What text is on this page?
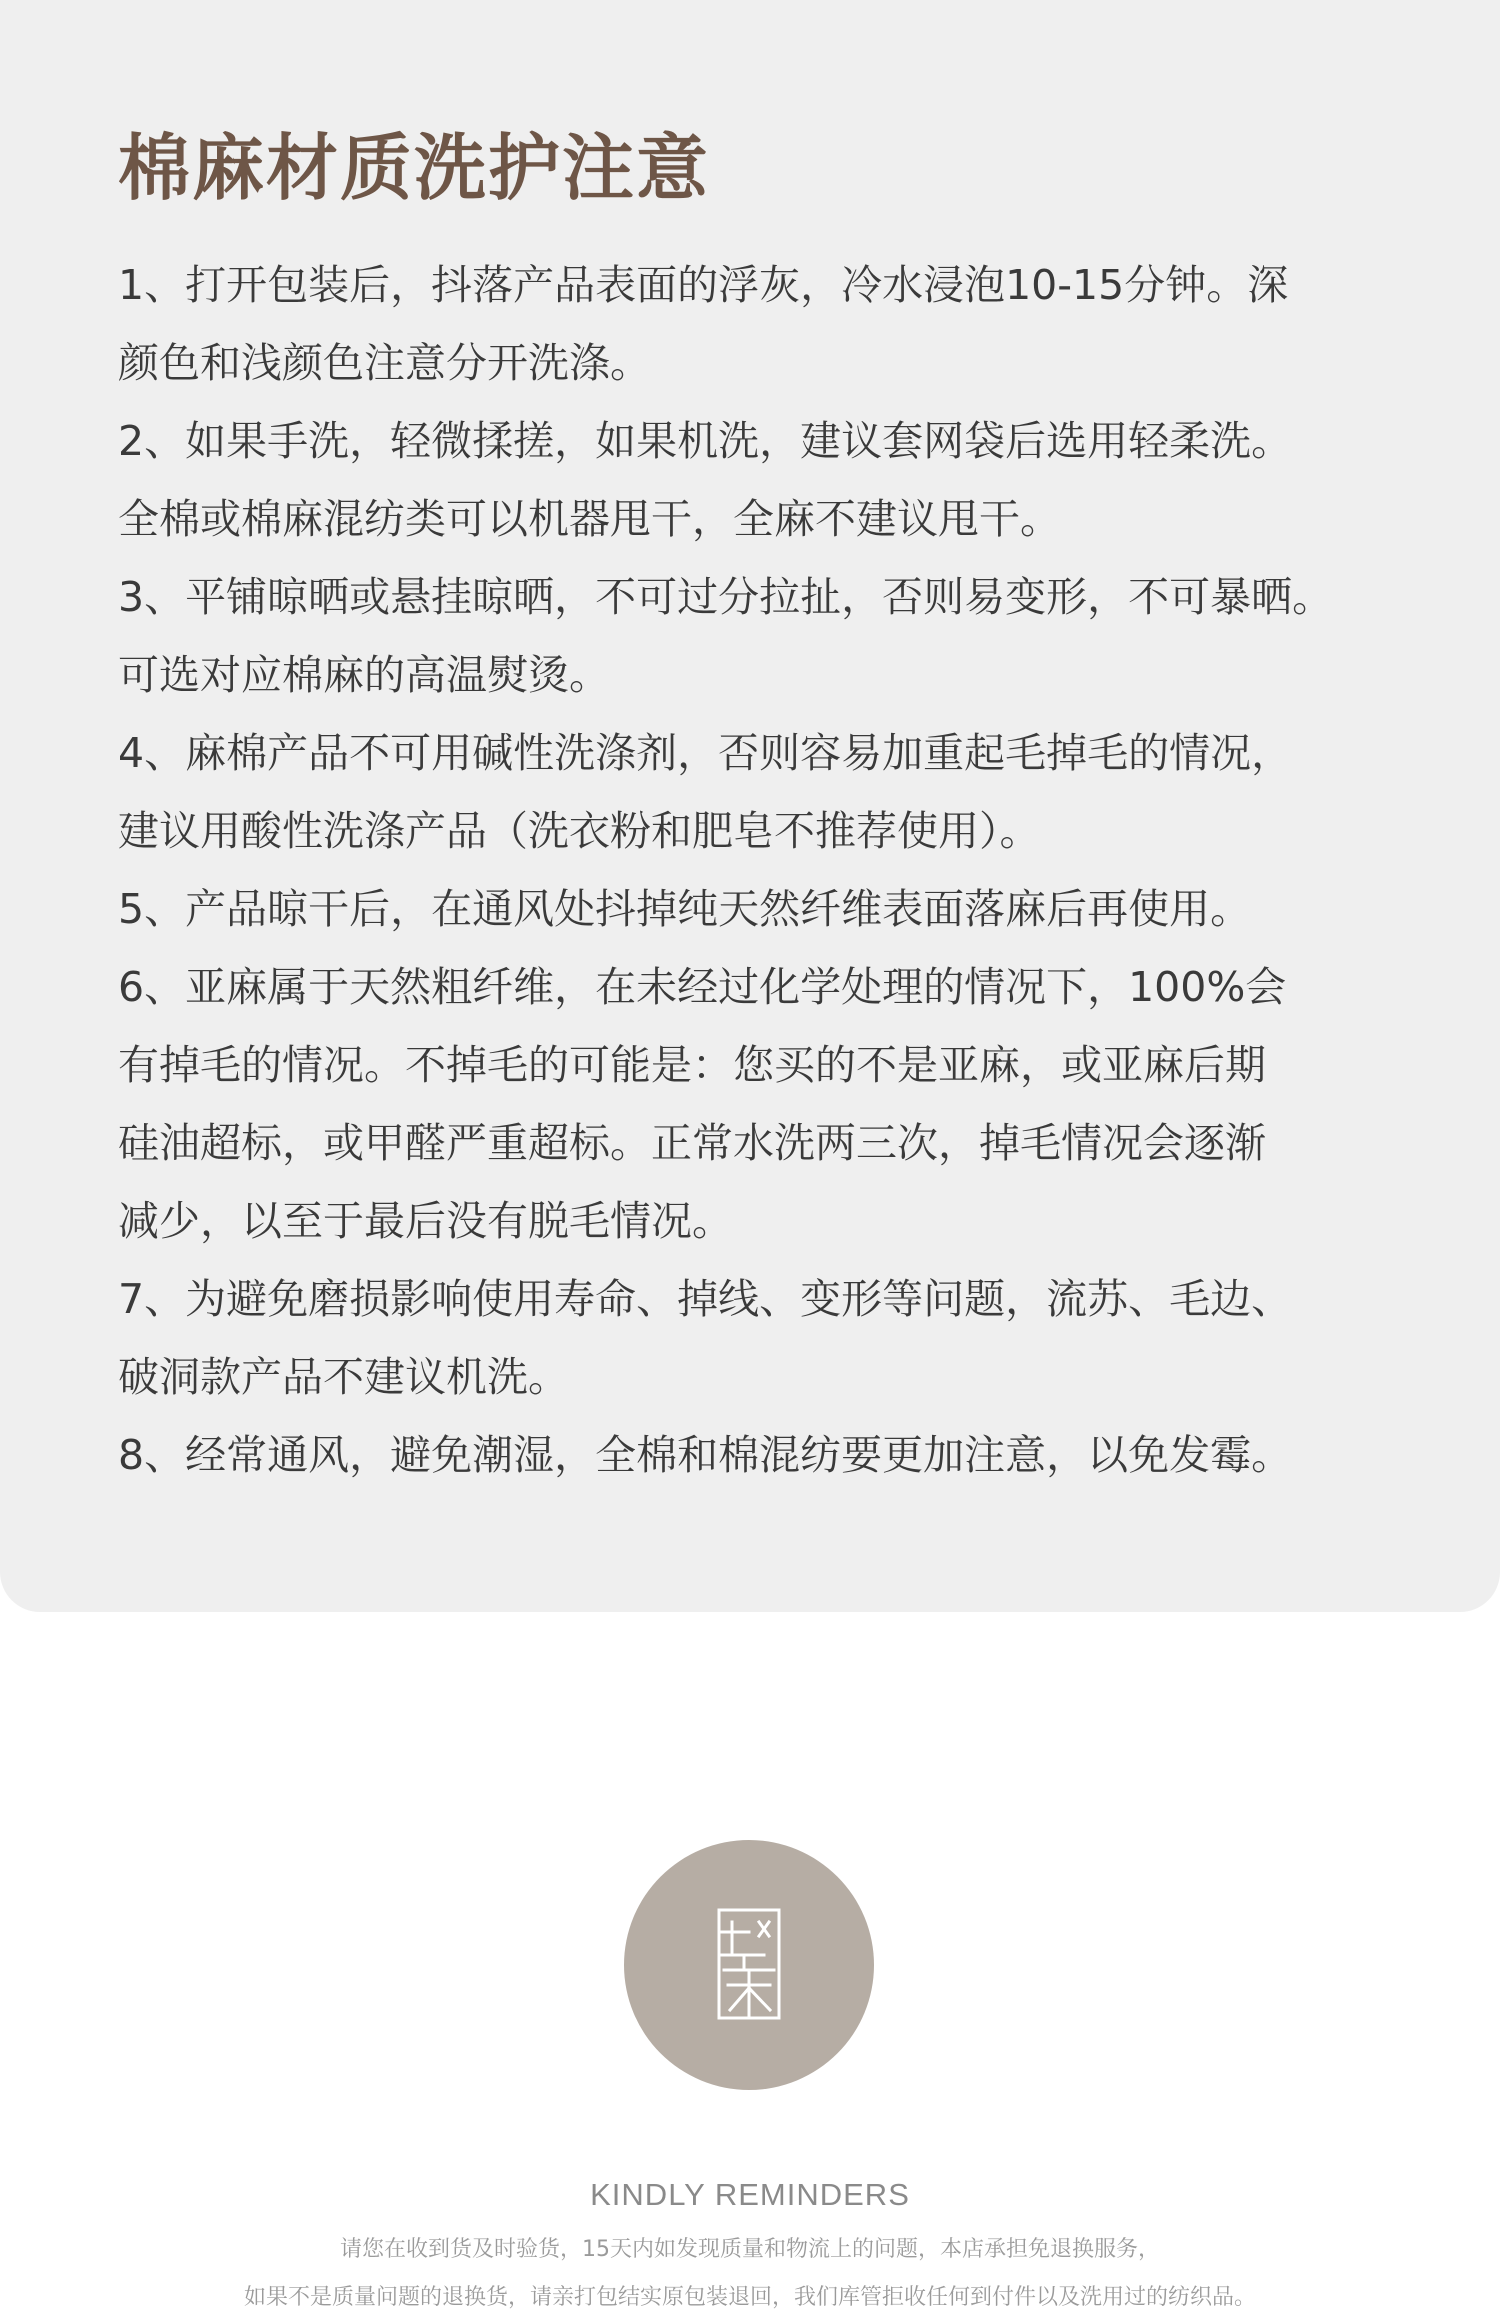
棉麻材质洗护注意

1、打开包装后，抖落产品表面的浮灰，冷水浸泡10-15分钟。深

颜色和浅颜色注意分开洗涤。

2、如果手洗，轻微揉搓，如果机洗，建议套网袋后选用轻柔洗。

全棉或棉麻混纺类可以机器甩干，全麻不建议甩干。

3、平铺晾晒或悬挂晾晒，不可过分拉扯，否则易变形，不可暴晒。

可选对应棉麻的高温熨烫。

4、麻棉产品不可用碱性洗涤剂，否则容易加重起毛掉毛的情况，

建议用酸性洗涤产品（洗衣粉和肥皂不推荐使用）。

5、产品晾干后，在通风处抖掉纯天然纤维表面落麻后再使用。

6、亚麻属于天然粗纤维，在未经过化学处理的情况下，100%会

有掉毛的情况。不掉毛的可能是：您买的不是亚麻，或亚麻后期

硅油超标，或甲醛严重超标。正常水洗两三次，掉毛情况会逐渐

减少，以至于最后没有脱毛情况。

7、为避免磨损影响使用寿命、掉线、变形等问题，流苏、毛边、

破洞款产品不建议机洗。

8、经常通风，避免潮湿，全棉和棉混纺要更加注意，以免发霉。

KINDLY REMINDERS
请您在收到货及时验货，15天内如发现质量和物流上的问题，本店承担免退换服务，
如果不是质量问题的退换货，请亲打包结实原包装退回，我们库管拒收任何到付件以及洗用过的纺织品。
